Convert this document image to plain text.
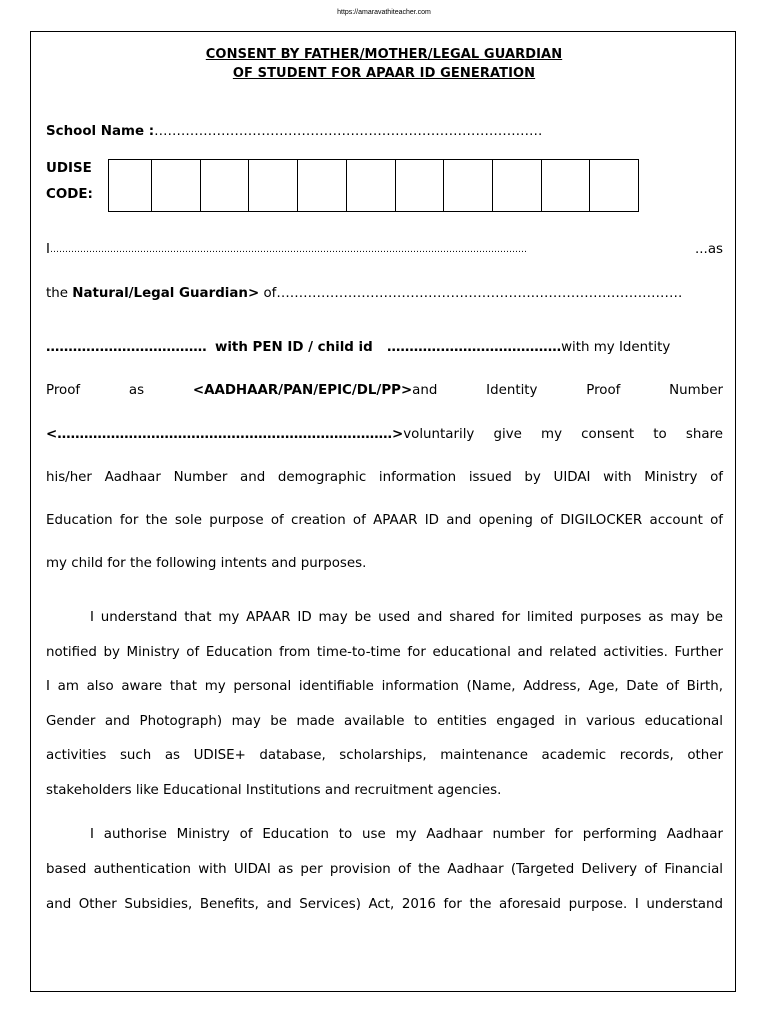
https://amaravathiteacher.com
CONSENT BY FATHER/MOTHER/LEGAL GUARDIAN
OF STUDENT FOR APAAR ID GENERATION
School Name :……………………………………………………………………………
UDISE
CODE:
I ……………………………………………………………………………………………………………………………………………	...as
the Natural/Legal Guardian> of………………………………………………….……………………………
……………………………… with PEN ID / child id …………………………………with my Identity
Proof	as	<AADHAAR/PAN/EPIC/DL/PP>and	Identity	Proof	Number
<…………………………………………………………………> voluntarily give my consent to share
his/her Aadhaar Number and demographic information issued by UIDAI with Ministry of
Education for the sole purpose of creation of APAAR ID and opening of DIGILOCKER account of
my child for the following intents and purposes.
I understand that my APAAR ID may be used and shared for limited purposes as may be
notified by Ministry of Education from time-to-time for educational and related activities. Further
I am also aware that my personal identifiable information (Name, Address, Age, Date of Birth,
Gender and Photograph) may be made available to entities engaged in various educational
activities such as UDISE+ database, scholarships, maintenance academic records, other
stakeholders like Educational Institutions and recruitment agencies.
I authorise Ministry of Education to use my Aadhaar number for performing Aadhaar
based authentication with UIDAI as per provision of the Aadhaar (Targeted Delivery of Financial
and Other Subsidies, Benefits, and Services) Act, 2016 for the aforesaid purpose. I understand
